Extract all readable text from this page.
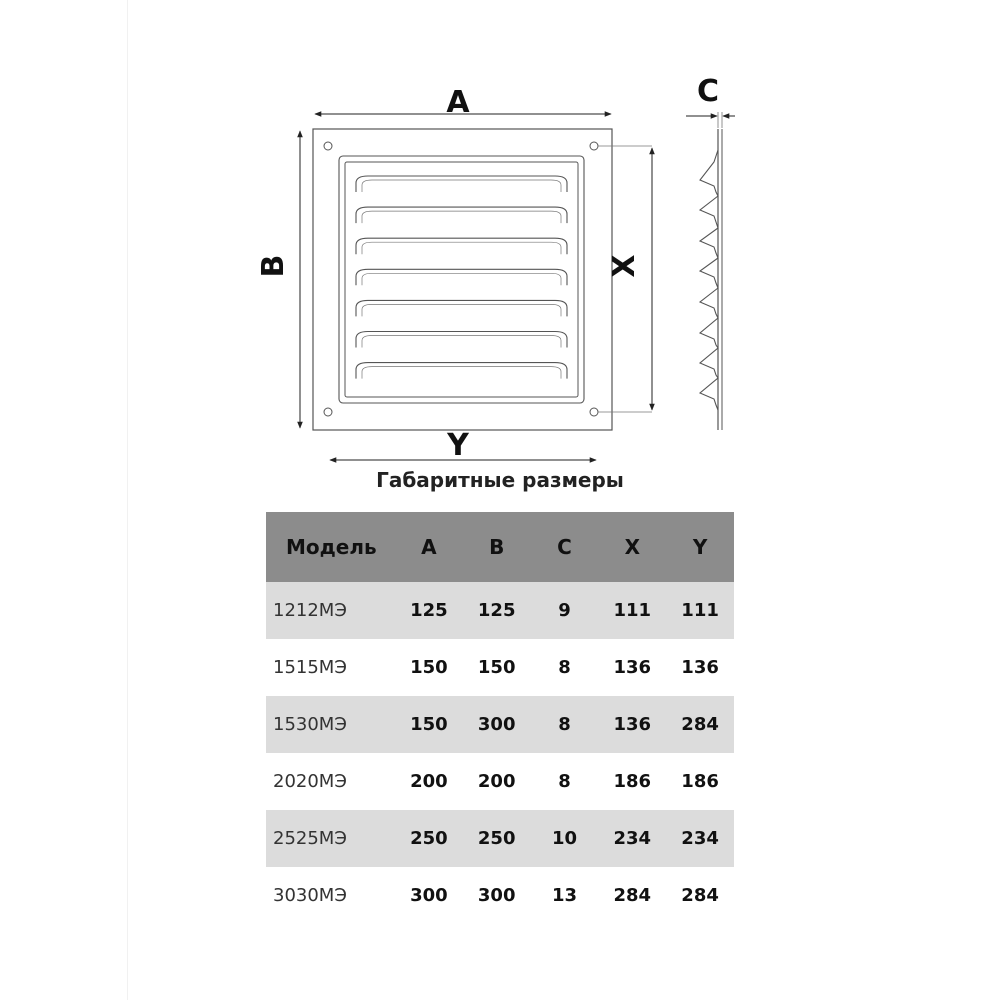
A
B	X
Y
C
Габаритные размеры
Модель	A	B	C	X	Y
1212МЭ	125	125	9	111	111
1515МЭ	150	150	8	136	136
1530МЭ	150	300	8	136	284
2020МЭ	200	200	8	186	186
2525МЭ	250	250	10	234	234
3030МЭ	300	300	13	284	284
